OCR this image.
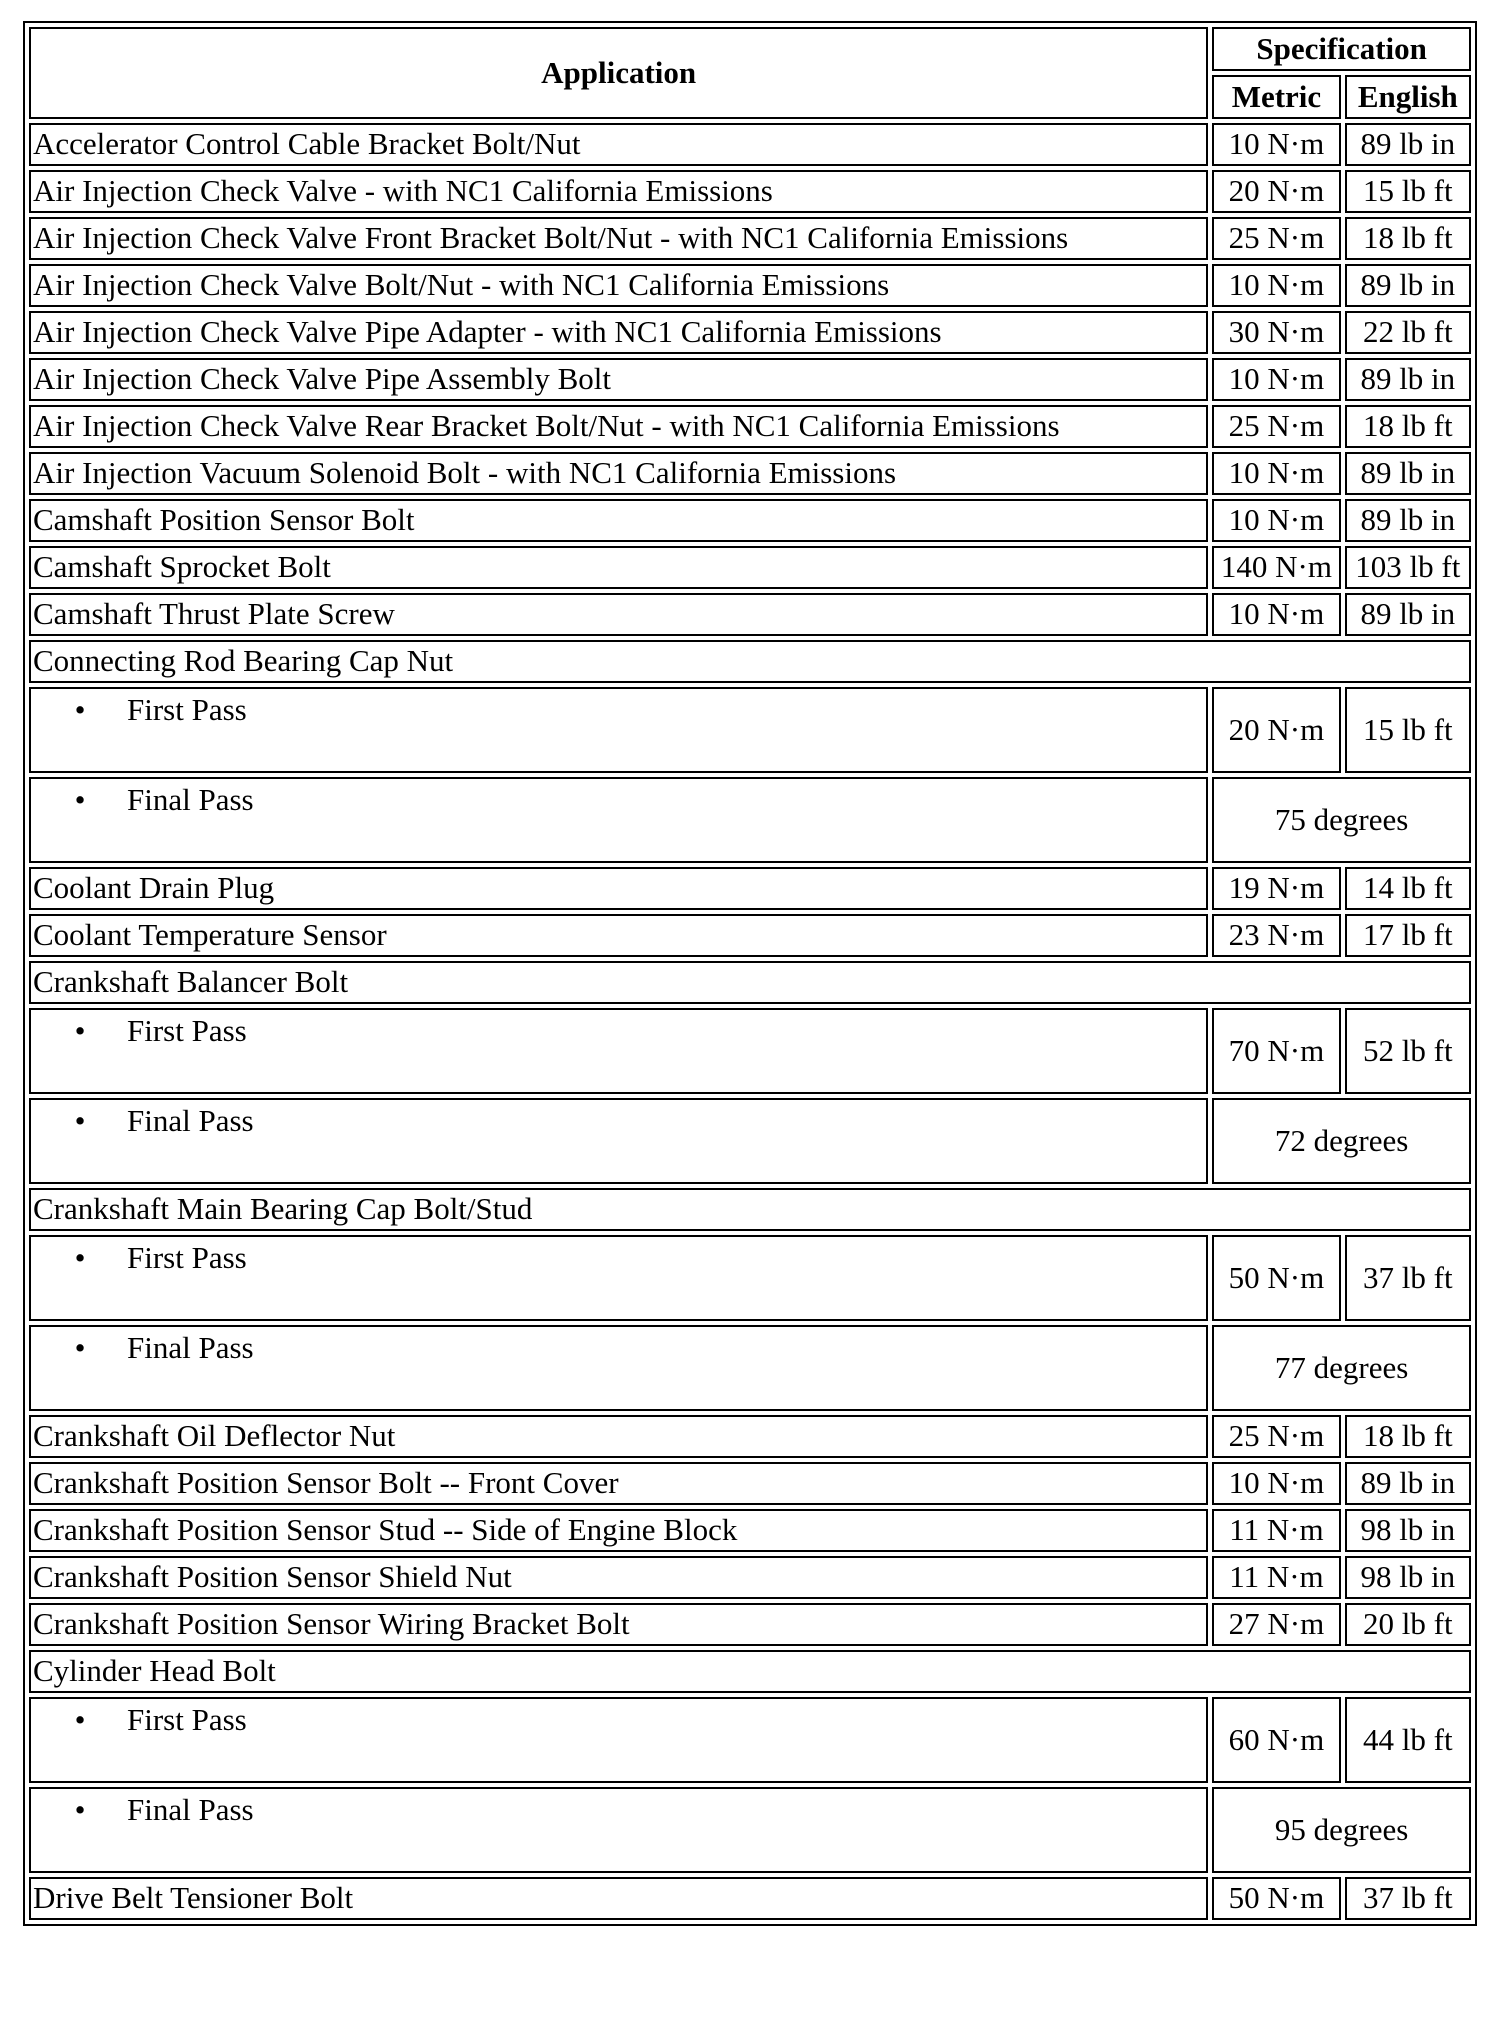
Application	Specification	
	Metric	English
Accelerator Control Cable Bracket Bolt/Nut	10 N·m	89 lb in
Air Injection Check Valve - with NC1 California Emissions	20 N·m	15 lb ft
Air Injection Check Valve Front Bracket Bolt/Nut - with NC1 California Emissions	25 N·m	18 lb ft
Air Injection Check Valve Bolt/Nut - with NC1 California Emissions	10 N·m	89 lb in
Air Injection Check Valve Pipe Adapter - with NC1 California Emissions	30 N·m	22 lb ft
Air Injection Check Valve Pipe Assembly Bolt	10 N·m	89 lb in
Air Injection Check Valve Rear Bracket Bolt/Nut - with NC1 California Emissions	25 N·m	18 lb ft
Air Injection Vacuum Solenoid Bolt - with NC1 California Emissions	10 N·m	89 lb in
Camshaft Position Sensor Bolt	10 N·m	89 lb in
Camshaft Sprocket Bolt	140 N·m	103 lb ft
Camshaft Thrust Plate Screw	10 N·m	89 lb in
Connecting Rod Bearing Cap Nut		
• First Pass	20 N·m	15 lb ft
• Final Pass	75 degrees	
Coolant Drain Plug	19 N·m	14 lb ft
Coolant Temperature Sensor	23 N·m	17 lb ft
Crankshaft Balancer Bolt		
• First Pass	70 N·m	52 lb ft
• Final Pass	72 degrees	
Crankshaft Main Bearing Cap Bolt/Stud		
• First Pass	50 N·m	37 lb ft
• Final Pass	77 degrees	
Crankshaft Oil Deflector Nut	25 N·m	18 lb ft
Crankshaft Position Sensor Bolt -- Front Cover	10 N·m	89 lb in
Crankshaft Position Sensor Stud -- Side of Engine Block	11 N·m	98 lb in
Crankshaft Position Sensor Shield Nut	11 N·m	98 lb in
Crankshaft Position Sensor Wiring Bracket Bolt	27 N·m	20 lb ft
Cylinder Head Bolt		
• First Pass	60 N·m	44 lb ft
• Final Pass	95 degrees	
Drive Belt Tensioner Bolt	50 N·m	37 lb ft
